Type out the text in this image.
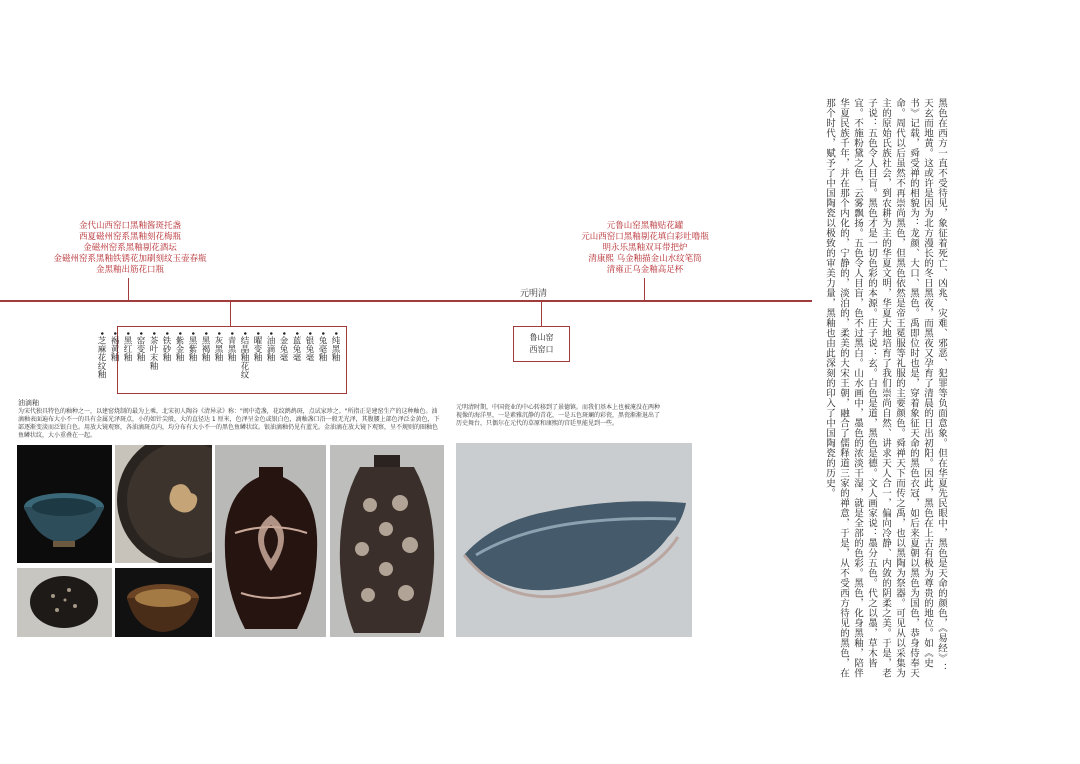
元明清
金代山西窑口黑釉酱斑托盏
西夏磁州窑系黑釉刻花梅瓶
金磁州窑系黑釉剔花酒坛
金磁州窑系黑釉铁锈花加刷刻纹玉壶春瓶
金黑釉出筋花口瓶
元鲁山窑黑釉贴花罐
元山西窑口黑釉剔花填白彩吐噜瓶
明永乐黑釉双耳带把炉
清康熙 乌金釉描金山水纹笔筒
清雍正乌金釉高足杯
• 纯黑釉
• 兔毫釉
• 银兔毫
• 蓝兔毫
• 金兔毫
• 油滴釉
• 曜变釉
• 结晶釉花纹
• 青黑釉
• 灰黑釉
• 黑褐釉
• 黑紫釉
• 紫金釉
• 铁砂釉
• 茶叶末釉
• 窑变釉
• 黑红釉
• 褐黄釉
• 芝麻花纹釉	鲁山窑
西窑口
油滴釉
为宋代独具特色的釉种之一，以建窑烧制的最为上乘，北宋初人陶谷《清异录》称："闽中造盏，花纹鹧鸪斑，点试家珍之。"所指正是建窑生产的这种釉色。油滴釉表面遍布大小不一的具有金属光泽斑点，小的如针尖般，大的直径达 1 厘米，色泽呈金色或银白色，滴釉盏口沿一般无光泽，其腹腰上部色泽泛金黄色，下部逐渐变淡而泛银白色。用放大镜观察，各油滴斑点内，均分布有大小不一的黑色鱼鳞状纹。银油滴釉仍见有蓝光。金油滴在放大镜下观察，呈不规则的圈釉色鱼鳞状纹，大小重叠在一起。
元明清时期，中国瓷业的中心转移到了景德镇。而我们基本上也被淹没在两种视像的海洋里，一是素雅沉静的青花，一是五色斑斓的彩瓷，黑瓷渐渐退出了历史舞台，只偶尔在元代的草原和康熙的宫廷里能见到一些。	黑色在西方一直不受待见，象征着死亡、凶兆、灾难、邪恶、犯罪等负面意象。但在华夏先民眼中，黑色是天命的颜色，《易经》：天玄而地黄。这或许是因为北方漫长的冬日黑夜，而黑夜又孕育了清晨的日出初阳。因此，黑色在上古有极为尊贵的地位。如《史书》记载，舜受禅的相貌为：龙颜、大口、黑色。禹即位时也是，穿着象征天命的黑色衣冠，如后来夏朝以黑色为国色，恭身侍奉天命。周代以后虽然不再崇尚黑色，但黑色依然是帝王冕服等礼服的主要颜色。舜禅天下而传之禹，也以黑陶为祭器。可见从以采集为主的原始氏族社会，到农耕为主的华夏文明，华夏大地培育了我们崇尚自然、讲求天人合一，偏向冷静、内敛的阴柔之美。于是，老子说：五色令人目盲。黑色才是一切色彩的本源。庄子说：玄。白色是道，黑色是德。文人画家说：墨分五色。代之以墨，草木皆宜。不施粉黛之色，云雾飘扬。五色令人目盲，色不过黑白。山水画中，墨色的浓淡干湿，就是全部的色彩。黑色，化身黑釉，陪伴华夏民族千年，并在那个内化的，宁静的，淡泊的，柔美的大宋王朝，融合了儒释道三家的禅意，于是，从不受西方待见的黑色，在那个时代，赋予了中国陶瓷以极致的审美力量，黑釉也由此深刻的印入了中国陶瓷的历史。
